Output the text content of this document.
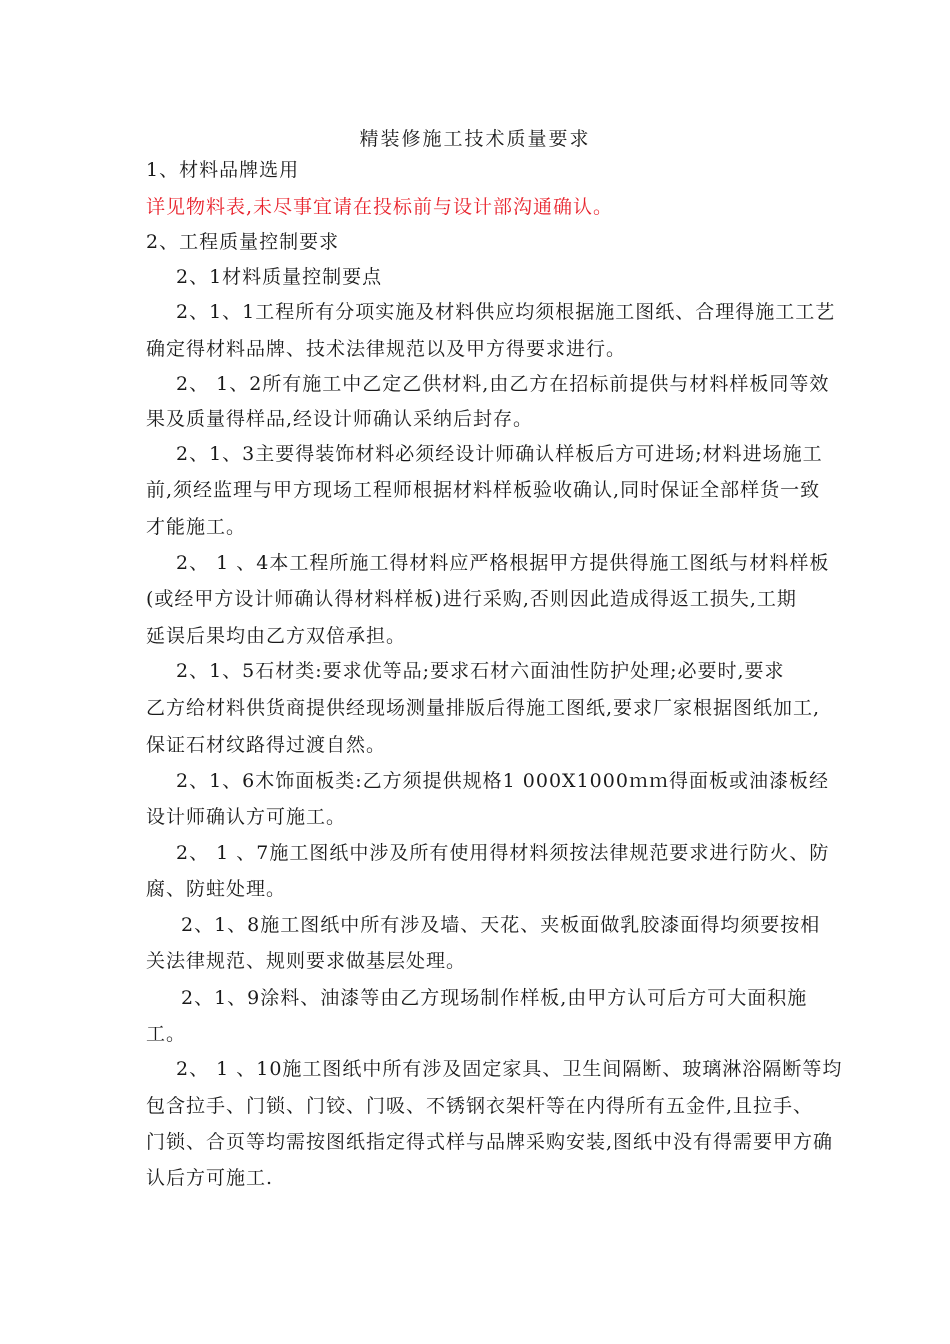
精装修施工技术质量要求
1、材料品牌选用
详见物料表,未尽事宜请在投标前与设计部沟通确认。
2、工程质量控制要求
2、1材料质量控制要点
2、1、1工程所有分项实施及材料供应均须根据施工图纸、合理得施工工艺
确定得材料品牌、技术法律规范以及甲方得要求进行。
2、 1、2所有施工中乙定乙供材料,由乙方在招标前提供与材料样板同等效
果及质量得样品,经设计师确认采纳后封存。
2、1、3主要得装饰材料必须经设计师确认样板后方可进场;材料进场施工
前,须经监理与甲方现场工程师根据材料样板验收确认,同时保证全部样货一致
才能施工。
2、 1 、4本工程所施工得材料应严格根据甲方提供得施工图纸与材料样板
(或经甲方设计师确认得材料样板)进行采购,否则因此造成得返工损失,工期
延误后果均由乙方双倍承担。
2、1、5石材类:要求优等品;要求石材六面油性防护处理;必要时,要求
乙方给材料供货商提供经现场测量排版后得施工图纸,要求厂家根据图纸加工,
保证石材纹路得过渡自然。
2、1、6木饰面板类:乙方须提供规格1 000X1000ｍｍ得面板或油漆板经
设计师确认方可施工。
2、 1 、7施工图纸中涉及所有使用得材料须按法律规范要求进行防火、防
腐、防蛀处理。
2、1、8施工图纸中所有涉及墙、天花、夹板面做乳胶漆面得均须要按相
关法律规范、规则要求做基层处理。
2、1、9涂料、油漆等由乙方现场制作样板,由甲方认可后方可大面积施
工。
2、 1 、10施工图纸中所有涉及固定家具、卫生间隔断、玻璃淋浴隔断等均
包含拉手、门锁、门铰、门吸、不锈钢衣架杆等在内得所有五金件,且拉手、
门锁、合页等均需按图纸指定得式样与品牌采购安装,图纸中没有得需要甲方确
认后方可施工.
